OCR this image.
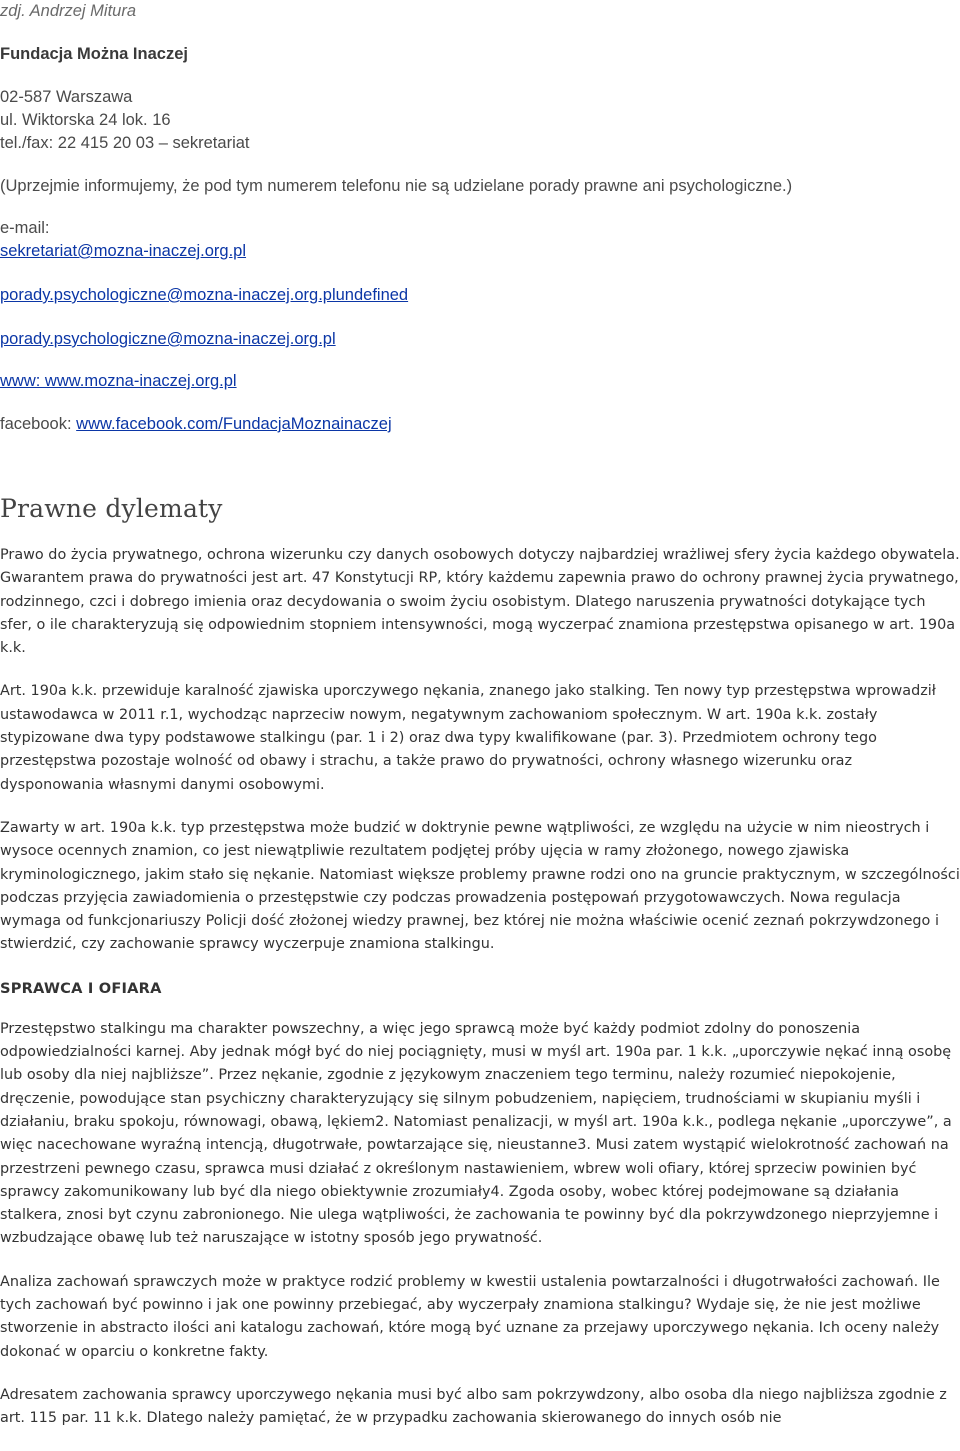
zdj. Andrzej Mitura
Fundacja Można Inaczej
02-587 Warszawa
ul. Wiktorska 24 lok. 16
tel./fax: 22 415 20 03 – sekretariat
(Uprzejmie informujemy, że pod tym numerem telefonu nie są udzielane porady prawne ani psychologiczne.)
e-mail:
sekretariat@mozna-inaczej.org.pl
porady.psychologiczne@mozna-inaczej.org.plundefined
porady.psychologiczne@mozna-inaczej.org.pl
www: www.mozna-inaczej.org.pl
facebook: www.facebook.com/FundacjaMoznainaczej
Prawne dylematy

Prawo do życia prywatnego, ochrona wizerunku czy danych osobowych dotyczy najbardziej wrażliwej sfery życia każdego obywatela. Gwarantem prawa do prywatności jest art. 47 Konstytucji RP, który każdemu zapewnia prawo do ochrony prawnej życia prywatnego, rodzinnego, czci i dobrego imienia oraz decydowania o swoim życiu osobistym. Dlatego naruszenia prywatności dotykające tych sfer, o ile charakteryzują się odpowiednim stopniem intensywności, mogą wyczerpać znamiona przestępstwa opisanego w art. 190a k.k.

Art. 190a k.k. przewiduje karalność zjawiska uporczywego nękania, znanego jako stalking. Ten nowy typ przestępstwa wprowadził ustawodawca w 2011 r.1, wychodząc naprzeciw nowym, negatywnym zachowaniom społecznym. W art. 190a k.k. zostały stypizowane dwa typy podstawowe stalkingu (par. 1 i 2) oraz dwa typy kwalifikowane (par. 3). Przedmiotem ochrony tego przestępstwa pozostaje wolność od obawy i strachu, a także prawo do prywatności, ochrony własnego wizerunku oraz dysponowania własnymi danymi osobowymi.

Zawarty w art. 190a k.k. typ przestępstwa może budzić w doktrynie pewne wątpliwości, ze względu na użycie w nim nieostrych i wysoce ocennych znamion, co jest niewątpliwie rezultatem podjętej próby ujęcia w ramy złożonego, nowego zjawiska kryminologicznego, jakim stało się nękanie. Natomiast większe problemy prawne rodzi ono na gruncie praktycznym, w szczególności podczas przyjęcia zawiadomienia o przestępstwie czy podczas prowadzenia postępowań przygotowawczych. Nowa regulacja wymaga od funkcjonariuszy Policji dość złożonej wiedzy prawnej, bez której nie można właściwie ocenić zeznań pokrzywdzonego i stwierdzić, czy zachowanie sprawcy wyczerpuje znamiona stalkingu.

SPRAWCA I OFIARA

Przestępstwo stalkingu ma charakter powszechny, a więc jego sprawcą może być każdy podmiot zdolny do ponoszenia odpowiedzialności karnej. Aby jednak mógł być do niej pociągnięty, musi w myśl art. 190a par. 1 k.k. „uporczywie nękać inną osobę lub osoby dla niej najbliższe”. Przez nękanie, zgodnie z językowym znaczeniem tego terminu, należy rozumieć niepokojenie, dręczenie, powodujące stan psychiczny charakteryzujący się silnym pobudzeniem, napięciem, trudnościami w skupianiu myśli i działaniu, braku spokoju, równowagi, obawą, lękiem2. Natomiast penalizacji, w myśl art. 190a k.k., podlega nękanie „uporczywe”, a więc nacechowane wyraźną intencją, długotrwałe, powtarzające się, nieustanne3. Musi zatem wystąpić wielokrotność zachowań na przestrzeni pewnego czasu, sprawca musi działać z określonym nastawieniem, wbrew woli ofiary, której sprzeciw powinien być sprawcy zakomunikowany lub być dla niego obiektywnie zrozumiały4. Zgoda osoby, wobec której podejmowane są działania stalkera, znosi byt czynu zabronionego. Nie ulega wątpliwości, że zachowania te powinny być dla pokrzywdzonego nieprzyjemne i wzbudzające obawę lub też naruszające w istotny sposób jego prywatność.

Analiza zachowań sprawczych może w praktyce rodzić problemy w kwestii ustalenia powtarzalności i długotrwałości zachowań. Ile tych zachowań być powinno i jak one powinny przebiegać, aby wyczerpały znamiona stalkingu? Wydaje się, że nie jest możliwe stworzenie in abstracto ilości ani katalogu zachowań, które mogą być uznane za przejawy uporczywego nękania. Ich oceny należy dokonać w oparciu o konkretne fakty.

Adresatem zachowania sprawcy uporczywego nękania musi być albo sam pokrzywdzony, albo osoba dla niego najbliższa zgodnie z art. 115 par. 11 k.k. Dlatego należy pamiętać, że w przypadku zachowania skierowanego do innych osób nie
